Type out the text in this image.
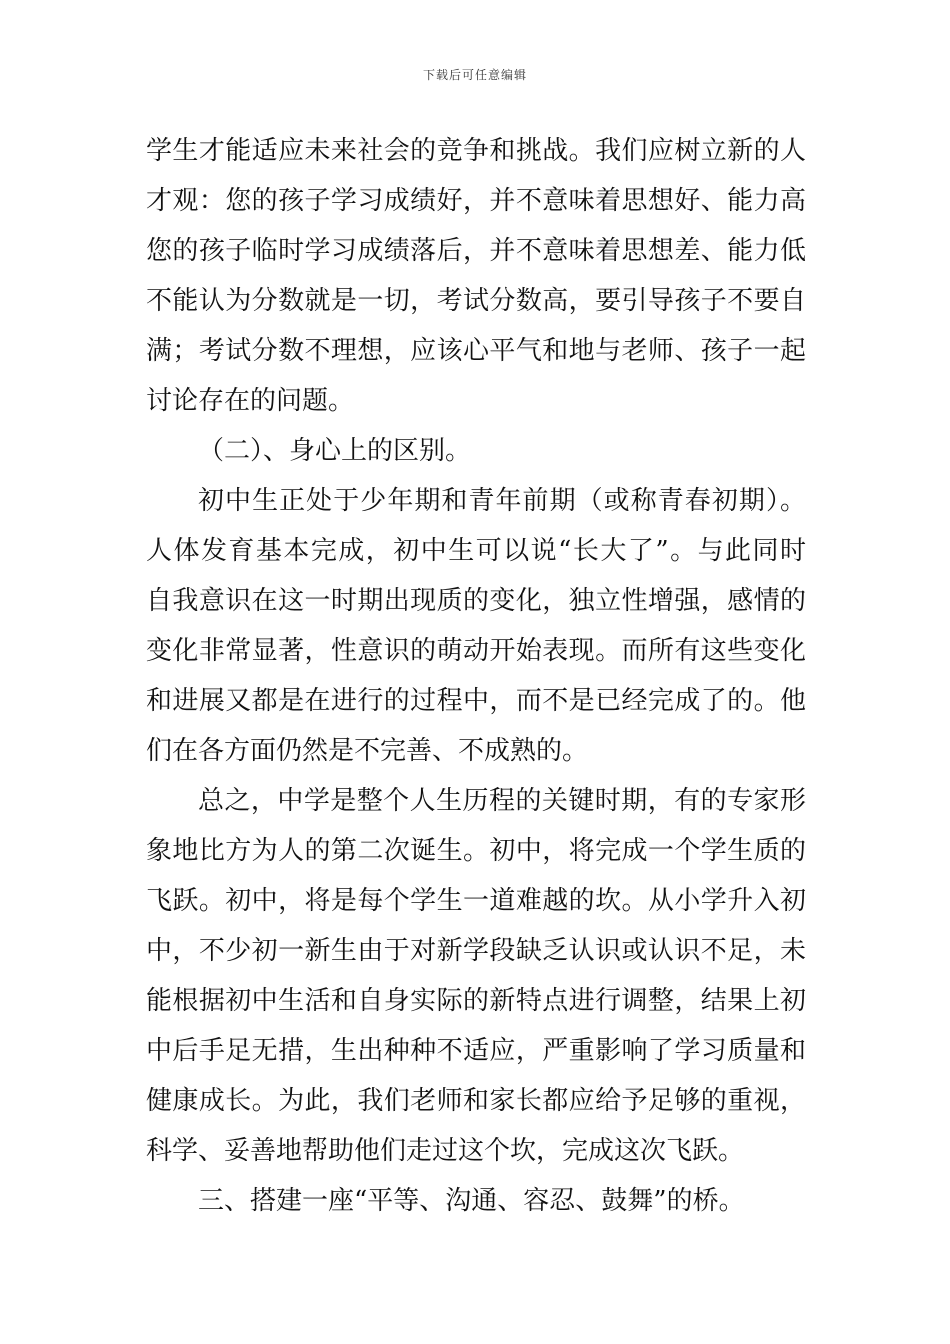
下载后可任意编辑
学生才能适应未来社会的竞争和挑战。我们应树立新的人
才观：您的孩子学习成绩好，并不意味着思想好、能力高
您的孩子临时学习成绩落后，并不意味着思想差、能力低
不能认为分数就是一切，考试分数高，要引导孩子不要自
满；考试分数不理想，应该心平气和地与老师、孩子一起
讨论存在的问题。
（二）、身心上的区别。
初中生正处于少年期和青年前期（或称青春初期）。
人体发育基本完成，初中生可以说“长大了”。与此同时
自我意识在这一时期出现质的变化，独立性增强，感情的
变化非常显著，性意识的萌动开始表现。而所有这些变化
和进展又都是在进行的过程中，而不是已经完成了的。他
们在各方面仍然是不完善、不成熟的。
总之，中学是整个人生历程的关键时期，有的专家形
象地比方为人的第二次诞生。初中，将完成一个学生质的
飞跃。初中，将是每个学生一道难越的坎。从小学升入初
中，不少初一新生由于对新学段缺乏认识或认识不足，未
能根据初中生活和自身实际的新特点进行调整，结果上初
中后手足无措，生出种种不适应，严重影响了学习质量和
健康成长。为此，我们老师和家长都应给予足够的重视，
科学、妥善地帮助他们走过这个坎，完成这次飞跃。
三、搭建一座“平等、沟通、容忍、鼓舞”的桥。
